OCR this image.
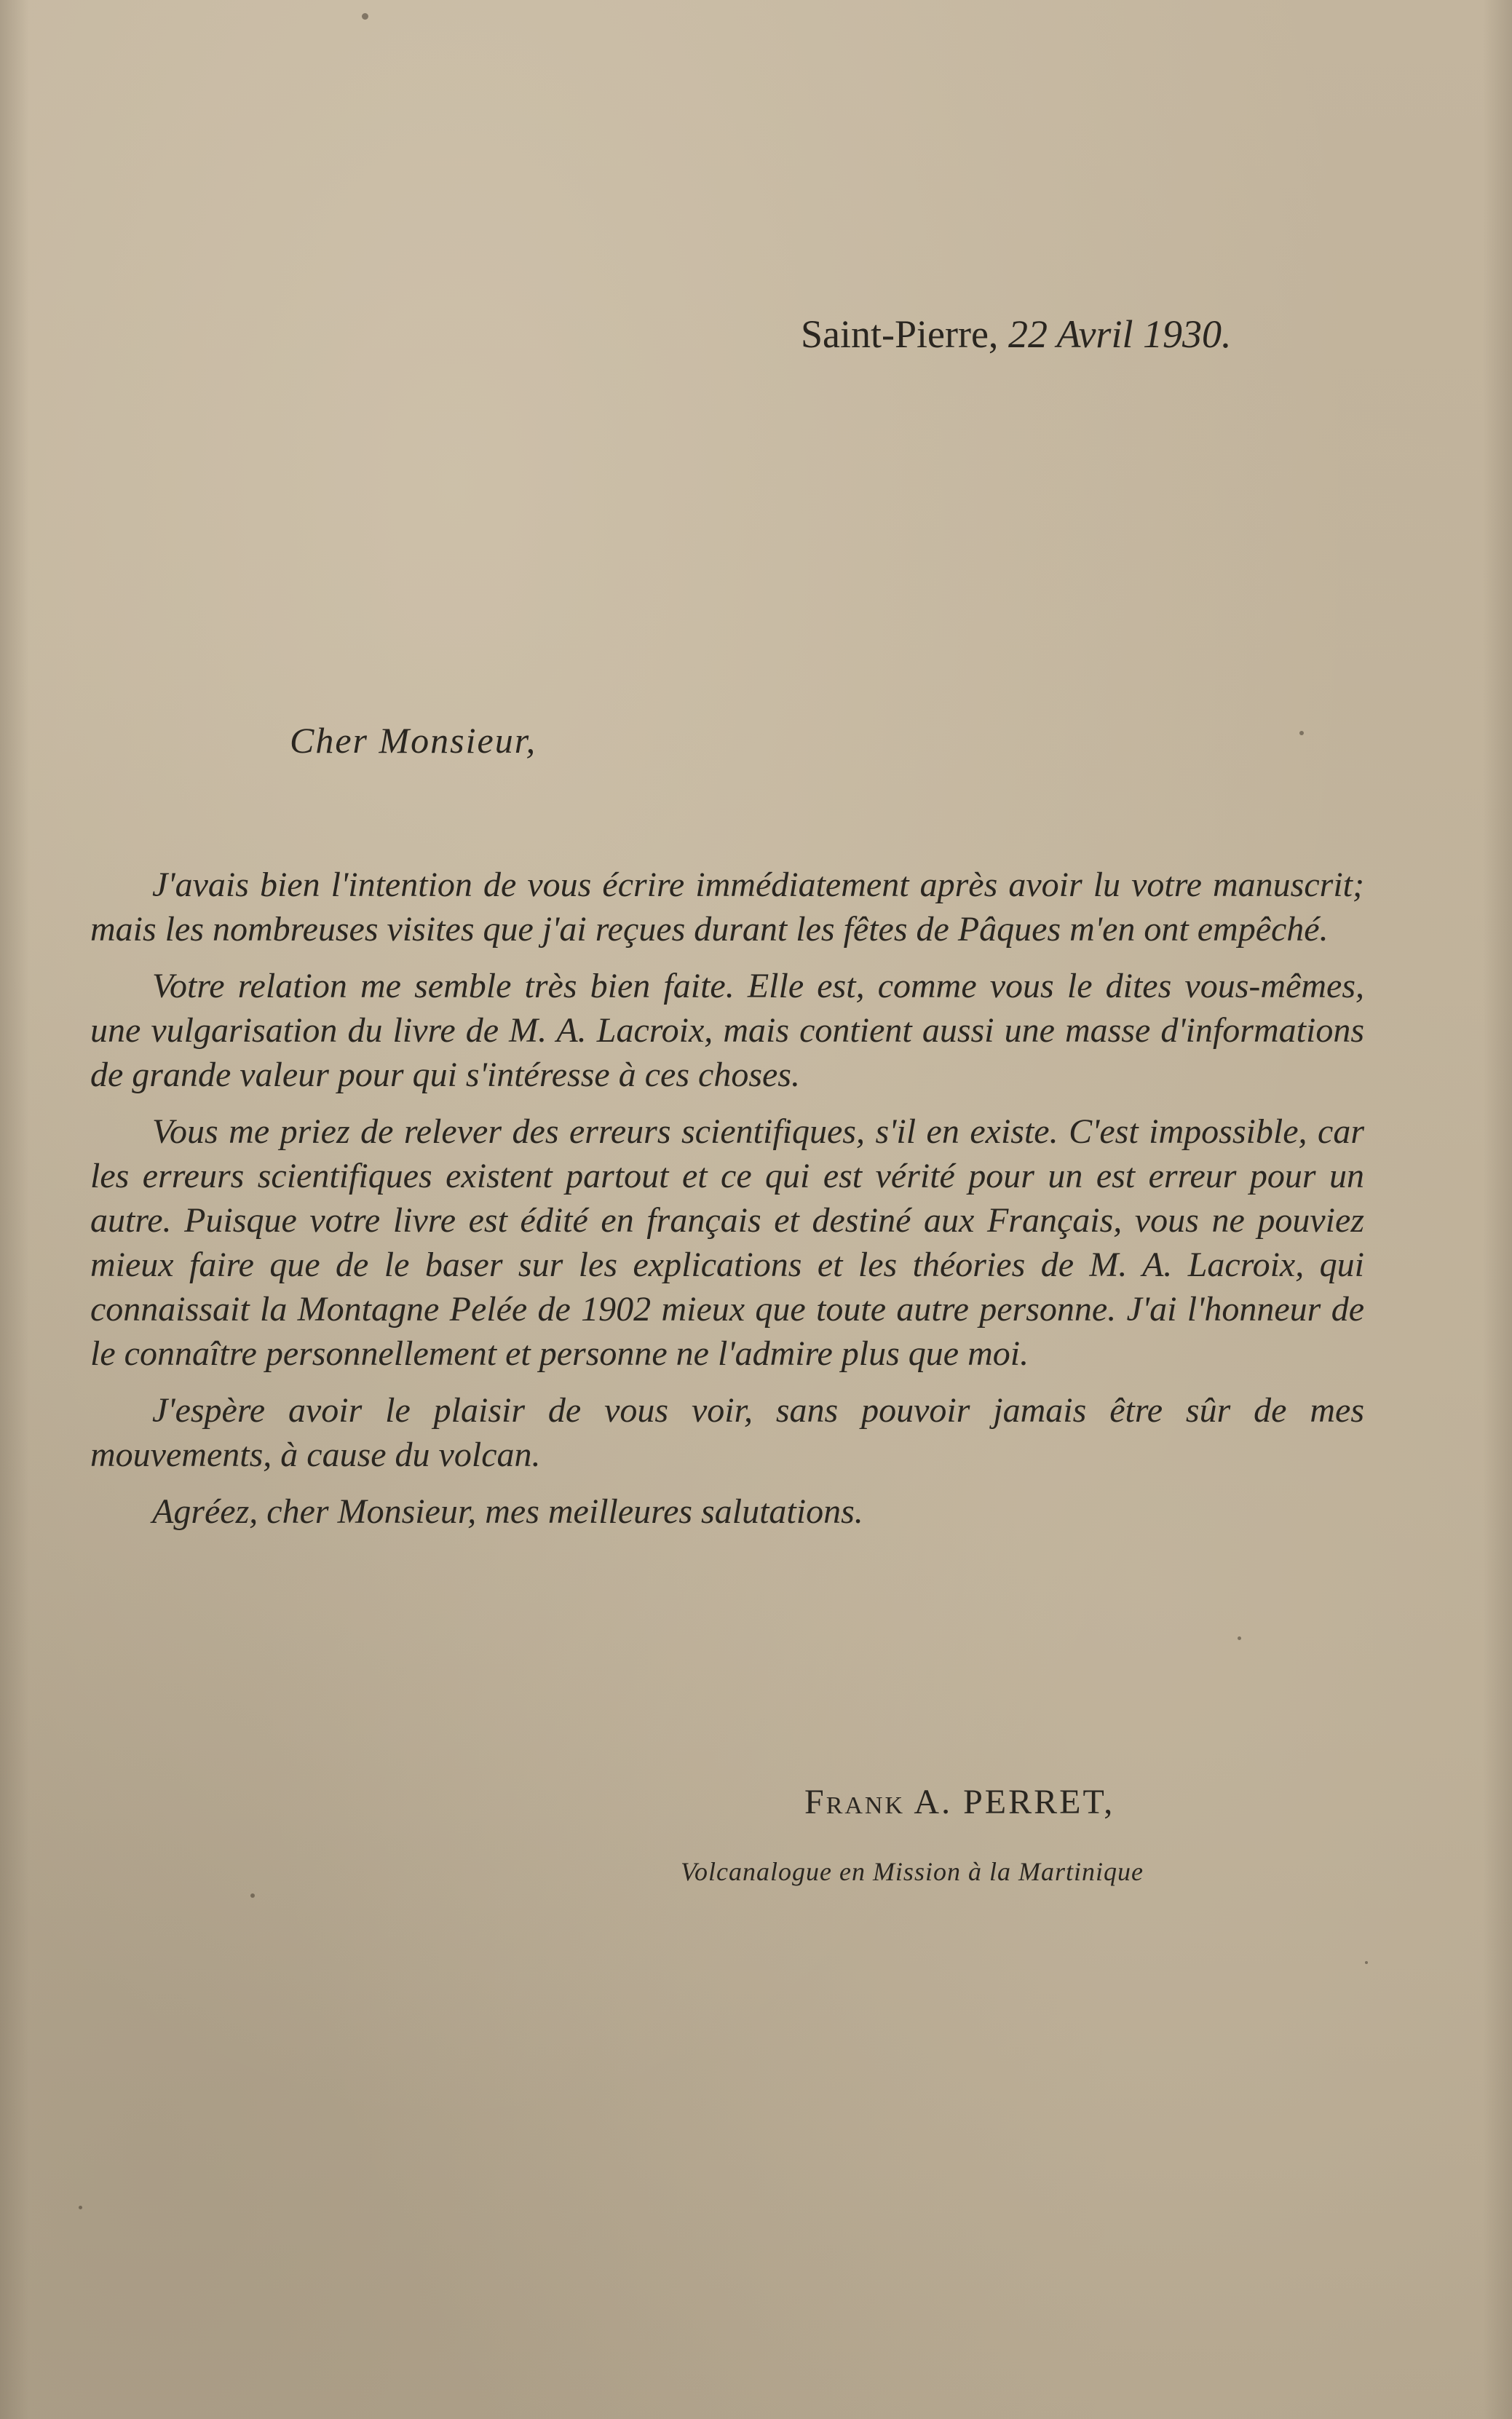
Saint-Pierre, 22 Avril 1930.
Cher Monsieur,

J'avais bien l'intention de vous écrire immédiatement après avoir lu votre manuscrit; mais les nombreuses visites que j'ai reçues durant les fêtes de Pâques m'en ont empêché.

Votre relation me semble très bien faite. Elle est, comme vous le dites vous-mêmes, une vulgarisation du livre de M. A. Lacroix, mais contient aussi une masse d'informations de grande valeur pour qui s'intéresse à ces choses.

Vous me priez de relever des erreurs scientifiques, s'il en existe. C'est impossible, car les erreurs scientifiques existent partout et ce qui est vérité pour un est erreur pour un autre. Puisque votre livre est édité en français et destiné aux Français, vous ne pouviez mieux faire que de le baser sur les explications et les théories de M. A. Lacroix, qui connaissait la Montagne Pelée de 1902 mieux que toute autre personne. J'ai l'honneur de le connaître personnellement et personne ne l'admire plus que moi.

J'espère avoir le plaisir de vous voir, sans pouvoir jamais être sûr de mes mouvements, à cause du volcan.

Agréez, cher Monsieur, mes meilleures salutations.

Frank A. PERRET,
Volcanalogue en Mission à la Martinique
